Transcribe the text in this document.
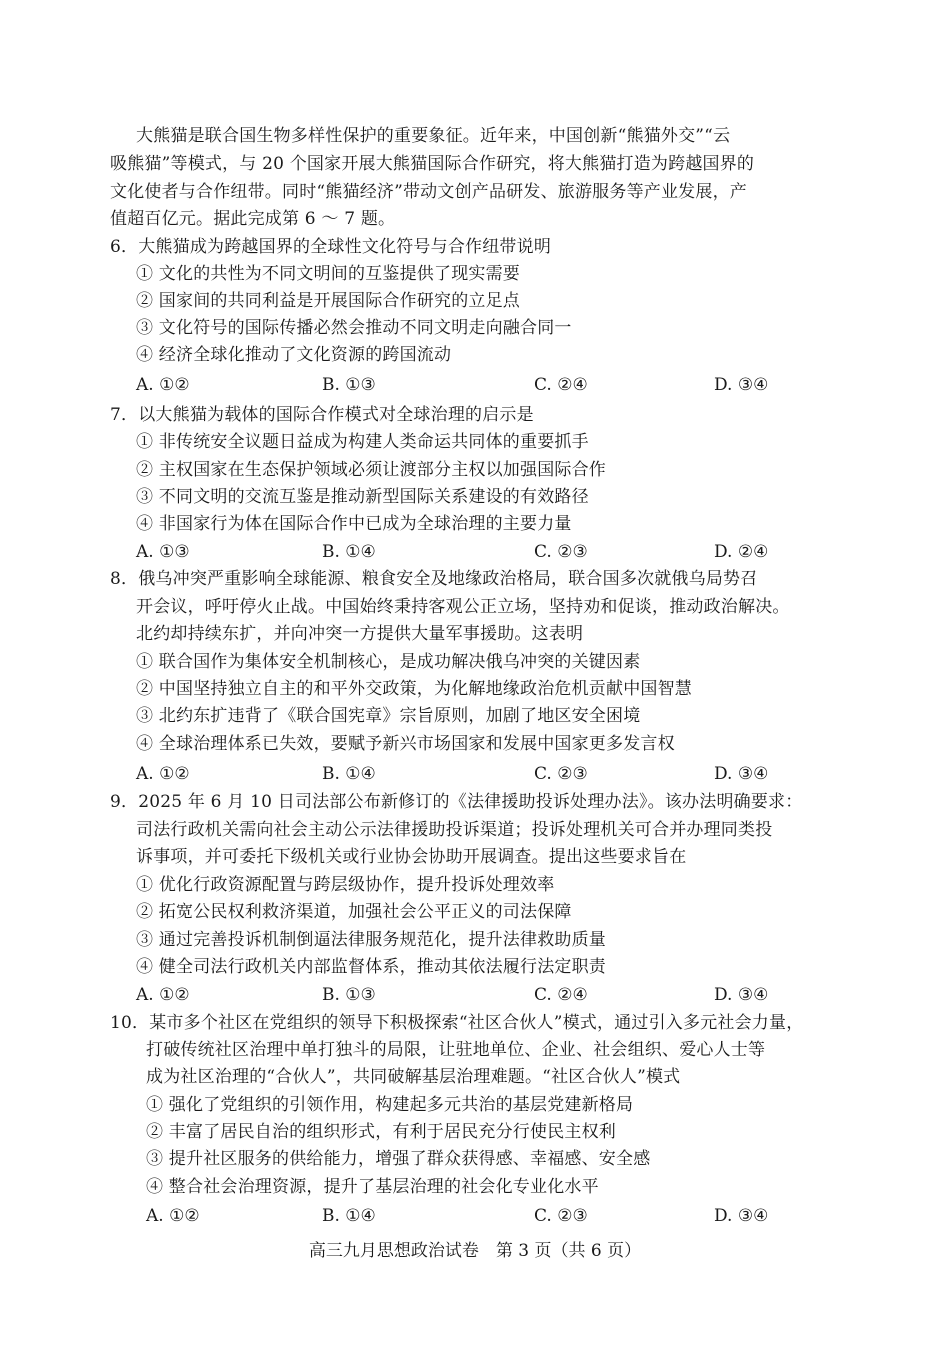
大熊猫是联合国生物多样性保护的重要象征。近年来，中国创新“熊猫外交”“云
吸熊猫”等模式，与 20 个国家开展大熊猫国际合作研究，将大熊猫打造为跨越国界的
文化使者与合作纽带。同时“熊猫经济”带动文创产品研发、旅游服务等产业发展，产
值超百亿元。据此完成第 6 ～ 7 题。
6．大熊猫成为跨越国界的全球性文化符号与合作纽带说明
① 文化的共性为不同文明间的互鉴提供了现实需要
② 国家间的共同利益是开展国际合作研究的立足点
③ 文化符号的国际传播必然会推动不同文明走向融合同一
④ 经济全球化推动了文化资源的跨国流动
A. ①②	B. ①③	C. ②④	D. ③④
7．以大熊猫为载体的国际合作模式对全球治理的启示是
① 非传统安全议题日益成为构建人类命运共同体的重要抓手
② 主权国家在生态保护领域必须让渡部分主权以加强国际合作
③ 不同文明的交流互鉴是推动新型国际关系建设的有效路径
④ 非国家行为体在国际合作中已成为全球治理的主要力量
A. ①③	B. ①④	C. ②③	D. ②④
8．俄乌冲突严重影响全球能源、粮食安全及地缘政治格局，联合国多次就俄乌局势召
开会议，呼吁停火止战。中国始终秉持客观公正立场，坚持劝和促谈，推动政治解决。
北约却持续东扩，并向冲突一方提供大量军事援助。这表明
① 联合国作为集体安全机制核心，是成功解决俄乌冲突的关键因素
② 中国坚持独立自主的和平外交政策，为化解地缘政治危机贡献中国智慧
③ 北约东扩违背了《联合国宪章》宗旨原则，加剧了地区安全困境
④ 全球治理体系已失效，要赋予新兴市场国家和发展中国家更多发言权
A. ①②	B. ①④	C. ②③	D. ③④
9．2025 年 6 月 10 日司法部公布新修订的《法律援助投诉处理办法》。该办法明确要求：
司法行政机关需向社会主动公示法律援助投诉渠道；投诉处理机关可合并办理同类投
诉事项，并可委托下级机关或行业协会协助开展调查。提出这些要求旨在
① 优化行政资源配置与跨层级协作，提升投诉处理效率
② 拓宽公民权利救济渠道，加强社会公平正义的司法保障
③ 通过完善投诉机制倒逼法律服务规范化，提升法律救助质量
④ 健全司法行政机关内部监督体系，推动其依法履行法定职责
A. ①②	B. ①③	C. ②④	D. ③④
10．某市多个社区在党组织的领导下积极探索“社区合伙人”模式，通过引入多元社会力量，
打破传统社区治理中单打独斗的局限，让驻地单位、企业、社会组织、爱心人士等
成为社区治理的“合伙人”，共同破解基层治理难题。“社区合伙人”模式
① 强化了党组织的引领作用，构建起多元共治的基层党建新格局
② 丰富了居民自治的组织形式，有利于居民充分行使民主权利
③ 提升社区服务的供给能力，增强了群众获得感、幸福感、安全感
④ 整合社会治理资源，提升了基层治理的社会化专业化水平
A. ①②	B. ①④	C. ②③	D. ③④
高三九月思想政治试卷　第 3 页（共 6 页）
